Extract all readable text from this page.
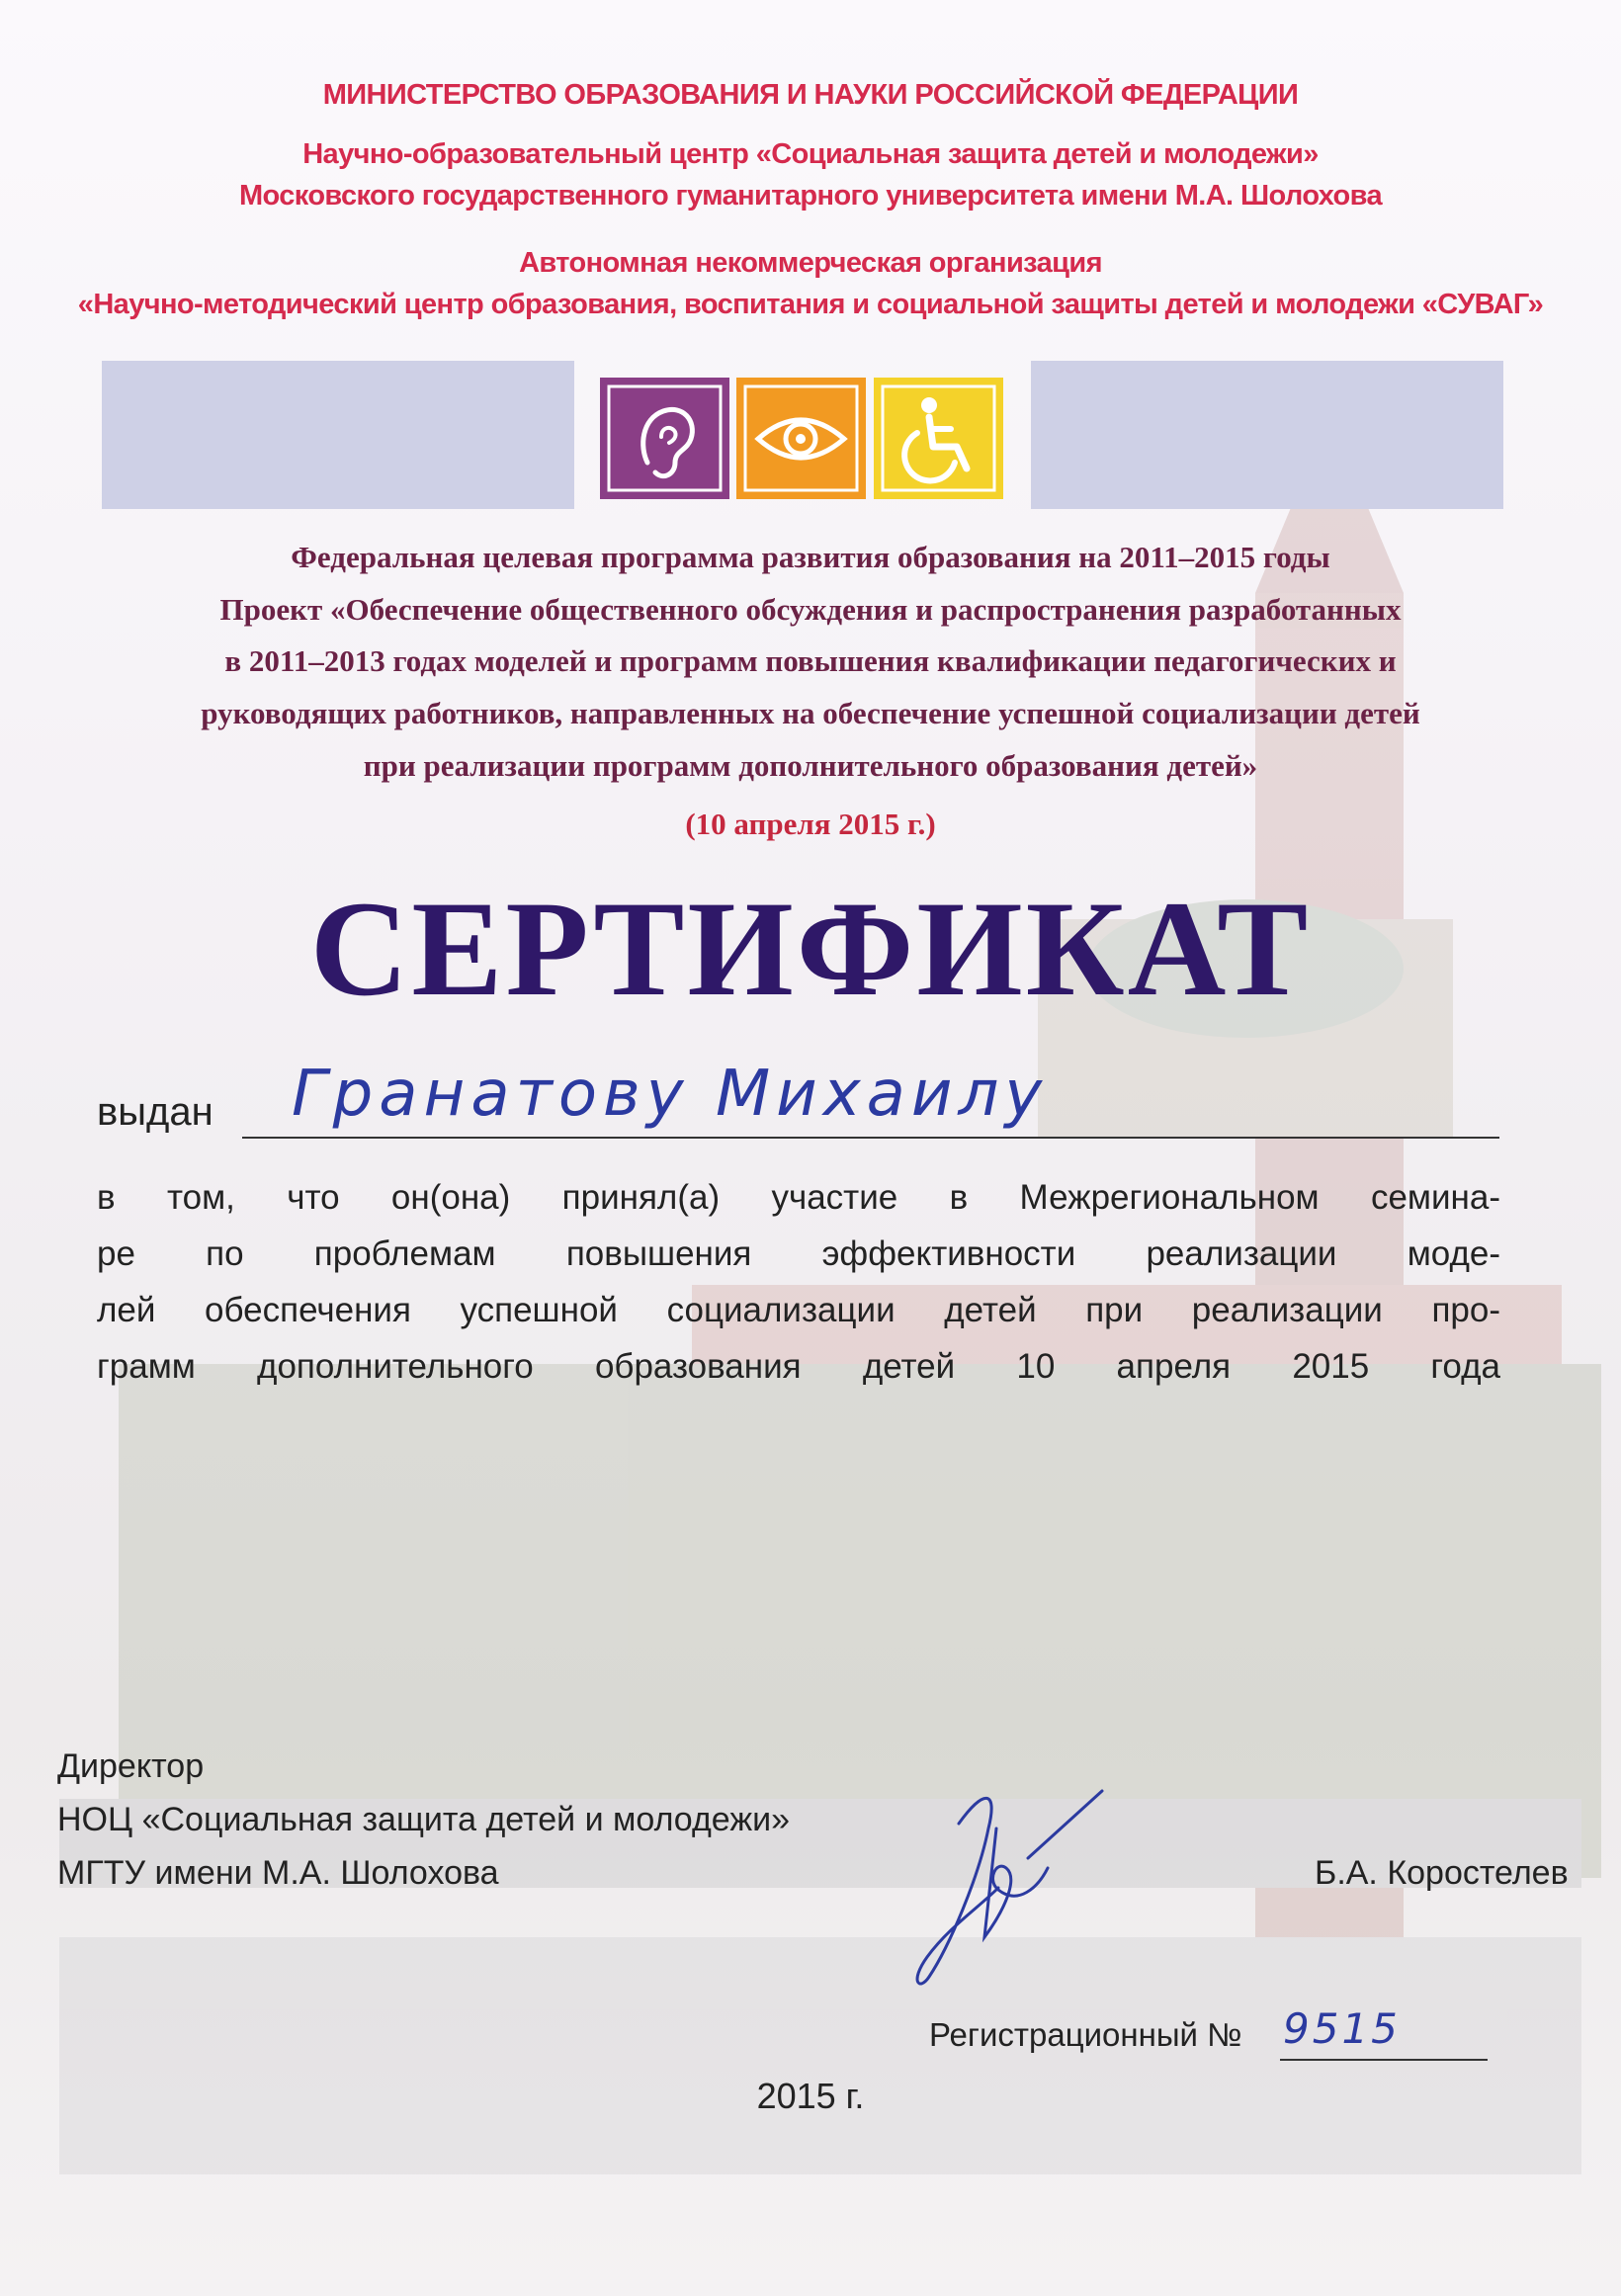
МИНИСТЕРСТВО ОБРАЗОВАНИЯ И НАУКИ РОССИЙСКОЙ ФЕДЕРАЦИИ
Научно-образовательный центр «Социальная защита детей и молодежи»
Московского государственного гуманитарного университета имени М.А. Шолохова
Автономная некоммерческая организация
«Научно-методический центр образования, воспитания и социальной защиты детей и молодежи «СУВАГ»
Федеральная целевая программа развития образования на 2011–2015 годы
Проект «Обеспечение общественного обсуждения и распространения разработанных
в 2011–2013 годах моделей и программ повышения квалификации педагогических и
руководящих работников, направленных на обеспечение успешной социализации детей
при реализации программ дополнительного образования детей»
(10 апреля 2015 г.)
СЕРТИФИКАТ
выдан Гранатову Михаилу
в том, что он(она) принял(а) участие в Межрегиональном семина-
ре по проблемам повышения эффективности реализации моде-
лей обеспечения успешной социализации детей при реализации про-
грамм дополнительного образования детей 10 апреля 2015 года
Директор
НОЦ «Социальная защита детей и молодежи»
МГТУ имени М.А. Шолохова	Б.А. Коростелев
Регистрационный № 9515
2015 г.
